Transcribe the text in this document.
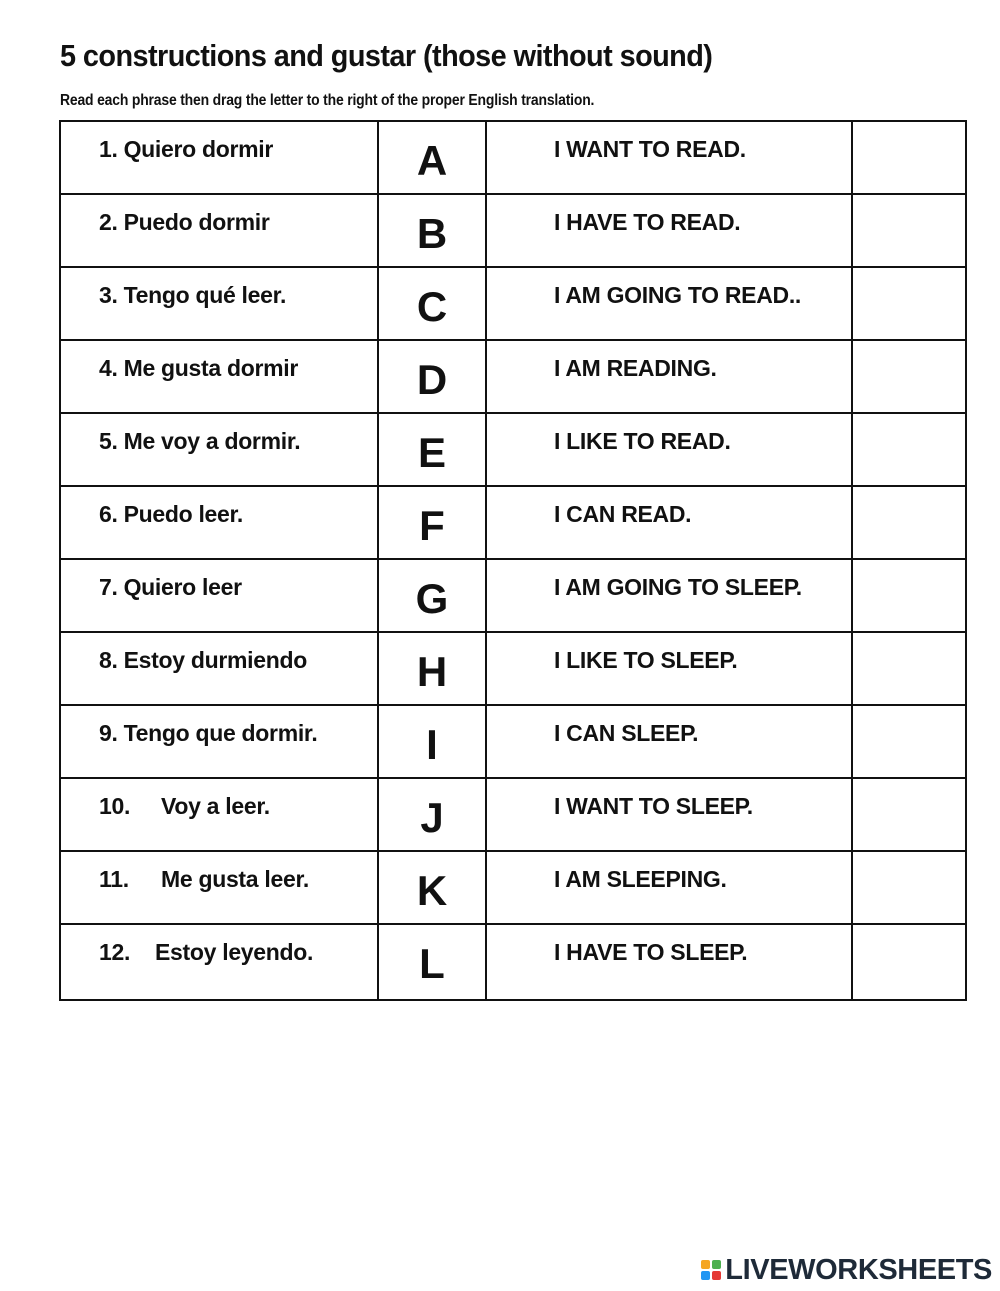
5 constructions and gustar (those without sound)
Read each phrase then drag the letter to the right of the proper English translation.
1. Quiero dormir	A	I WANT TO READ.	

2. Puedo dormir	B	I HAVE TO READ.	

3. Tengo qué leer.	C	I AM GOING TO READ..	

4. Me gusta dormir	D	I AM READING.	

5. Me voy a dormir.	E	I LIKE TO READ.	

6. Puedo leer.	F	I CAN READ.	

7. Quiero leer	G	I AM GOING TO SLEEP.	

8. Estoy durmiendo	H	I LIKE TO SLEEP.	

9. Tengo que dormir.	I	I CAN SLEEP.	

10. Voy a leer.	J	I WANT TO SLEEP.	

11. Me gusta leer.	K	I AM SLEEPING.	

12. Estoy leyendo.	L	I HAVE TO SLEEP.	

LIVEWORKSHEETS
